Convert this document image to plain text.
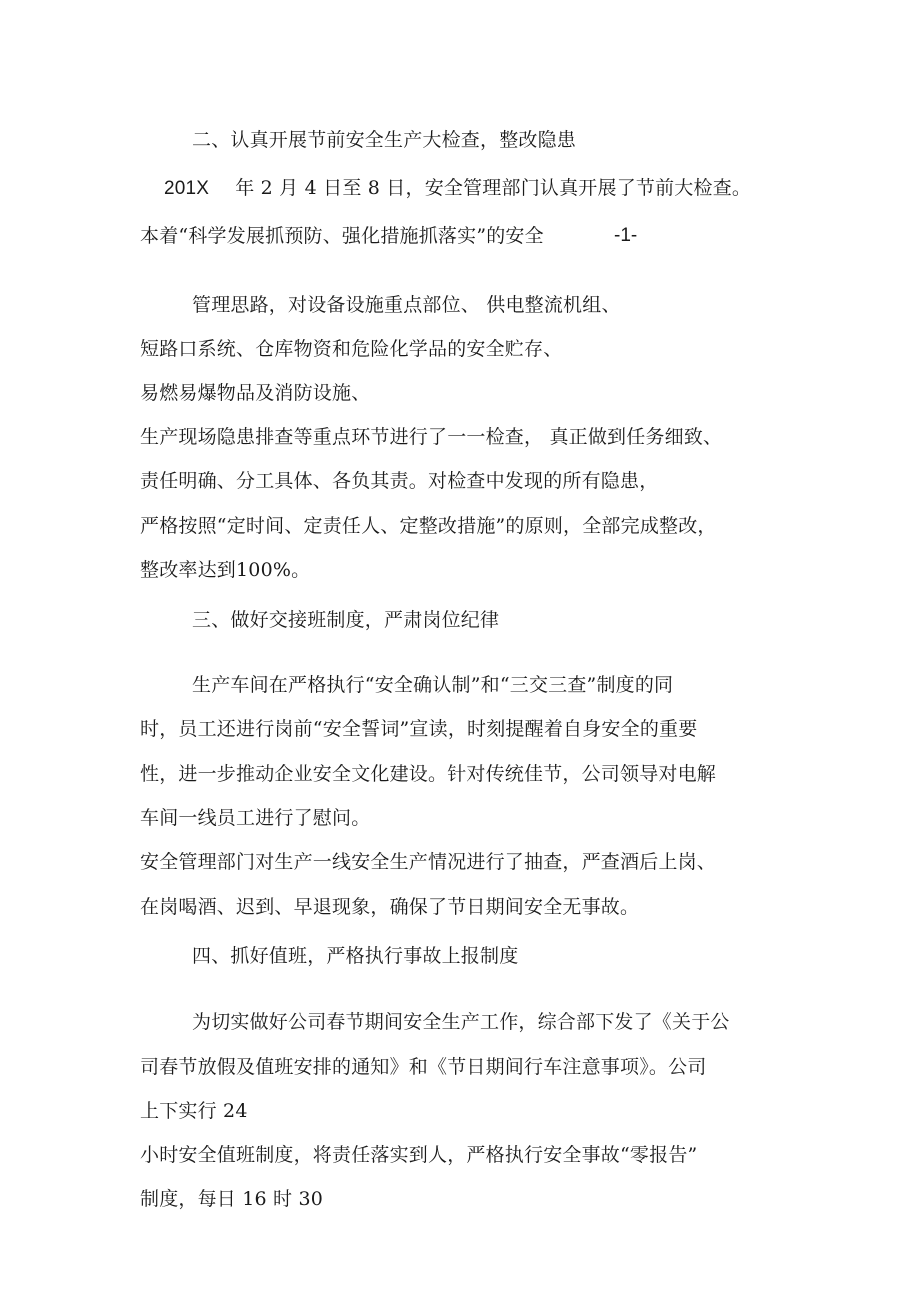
二、认真开展节前安全生产大检查，整改隐患
201X 年 2 月 4 日至 8 日，安全管理部门认真开展了节前大检查。
本着“科学发展抓预防、强化措施抓落实”的安全	-1-
管理思路，对设备设施重点部位、 供电整流机组、
短路口系统、仓库物资和危险化学品的安全贮存、
易燃易爆物品及消防设施、
生产现场隐患排查等重点环节进行了一一检查， 真正做到任务细致、
责任明确、分工具体、各负其责。对检查中发现的所有隐患，
严格按照“定时间、定责任人、定整改措施”的原则，全部完成整改，
整改率达到100%。
三、做好交接班制度，严肃岗位纪律
生产车间在严格执行“安全确认制”和“三交三查”制度的同
时，员工还进行岗前“安全誓词”宣读，时刻提醒着自身安全的重要
性，进一步推动企业安全文化建设。针对传统佳节，公司领导对电解
车间一线员工进行了慰问。
安全管理部门对生产一线安全生产情况进行了抽查，严查酒后上岗、
在岗喝酒、迟到、早退现象，确保了节日期间安全无事故。
四、抓好值班，严格执行事故上报制度
为切实做好公司春节期间安全生产工作，综合部下发了《关于公
司春节放假及值班安排的通知》和《节日期间行车注意事项》。公司
上下实行 24
小时安全值班制度，将责任落实到人，严格执行安全事故“零报告”
制度，每日 16 时 30
